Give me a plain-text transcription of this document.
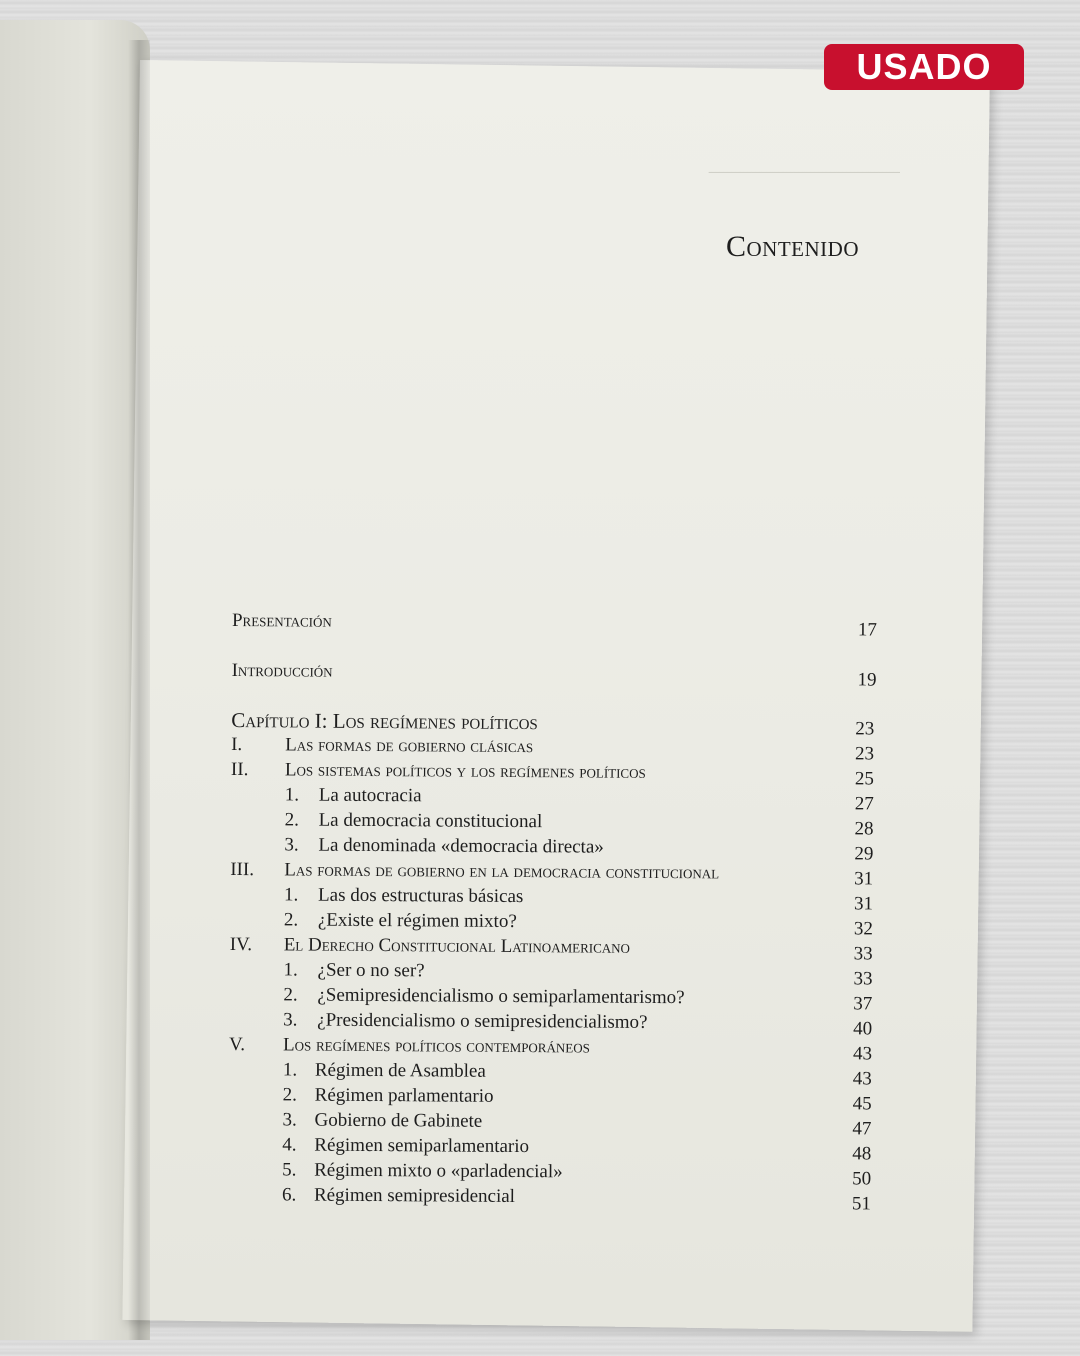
──────────────────
USADO
Contenido
Presentación	17
Introducción	19
Capítulo I: Los regímenes políticos	23
I. Las formas de gobierno clásicas	23
II. Los sistemas políticos y los regímenes políticos	25
1. La autocracia	27
2. La democracia constitucional	28
3. La denominada «democracia directa»	29
III. Las formas de gobierno en la democracia constitucional	31
1. Las dos estructuras básicas	31
2. ¿Existe el régimen mixto?	32
IV. El Derecho Constitucional Latinoamericano	33
1. ¿Ser o no ser?	33
2. ¿Semipresidencialismo o semiparlamentarismo?	37
3. ¿Presidencialismo o semipresidencialismo?	40
V. Los regímenes políticos contemporáneos	43
1. Régimen de Asamblea	43
2. Régimen parlamentario	45
3. Gobierno de Gabinete	47
4. Régimen semiparlamentario	48
5. Régimen mixto o «parladencial»	50
6. Régimen semipresidencial	51
